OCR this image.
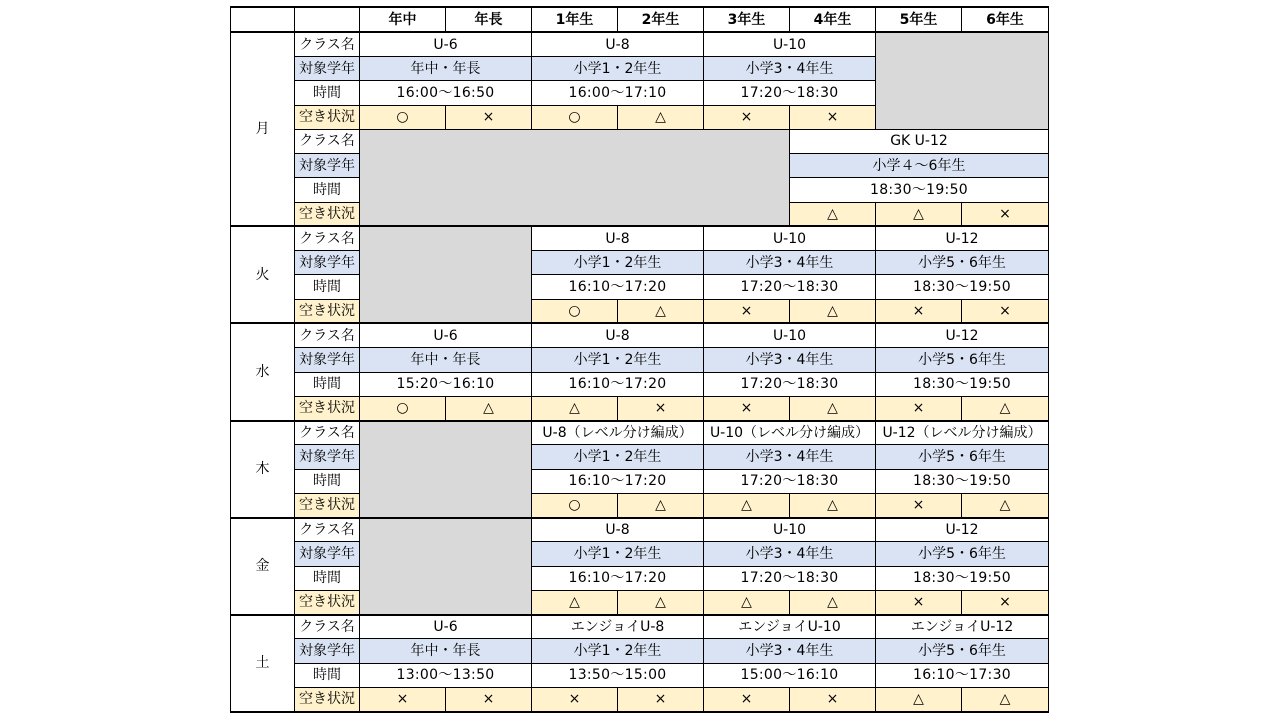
		年中	年長	1年生	2年生	3年生	4年生	5年生	6年生
月	クラス名	U-6		U-8		U-10			
	対象学年	年中・年長		小学1・2年生		小学3・4年生			
	時間	16:00～16:50		16:00～17:10		17:20～18:30			
	空き状況	○	×	○	△	×	×		
	クラス名						GK U-12		
	対象学年						小学４～6年生		
	時間						18:30～19:50		
	空き状況						△	△	×
火	クラス名			U-8		U-10		U-12	
	対象学年			小学1・2年生		小学3・4年生		小学5・6年生	
	時間			16:10～17:20		17:20～18:30		18:30～19:50	
	空き状況			○	△	×	△	×	×
水	クラス名	U-6		U-8		U-10		U-12	
	対象学年	年中・年長		小学1・2年生		小学3・4年生		小学5・6年生	
	時間	15:20～16:10		16:10～17:20		17:20～18:30		18:30～19:50	
	空き状況	○	△	△	×	×	△	×	△
木	クラス名			U-8（レベル分け編成）		U-10（レベル分け編成）		U-12（レベル分け編成）	
	対象学年			小学1・2年生		小学3・4年生		小学5・6年生	
	時間			16:10～17:20		17:20～18:30		18:30～19:50	
	空き状況			○	△	△	△	×	△
金	クラス名			U-8		U-10		U-12	
	対象学年			小学1・2年生		小学3・4年生		小学5・6年生	
	時間			16:10～17:20		17:20～18:30		18:30～19:50	
	空き状況			△	△	△	△	×	×
土	クラス名	U-6		エンジョイU-8		エンジョイU-10		エンジョイU-12	
	対象学年	年中・年長		小学1・2年生		小学3・4年生		小学5・6年生	
	時間	13:00～13:50		13:50～15:00		15:00～16:10		16:10～17:30	
	空き状況	×	×	×	×	×	×	△	△
